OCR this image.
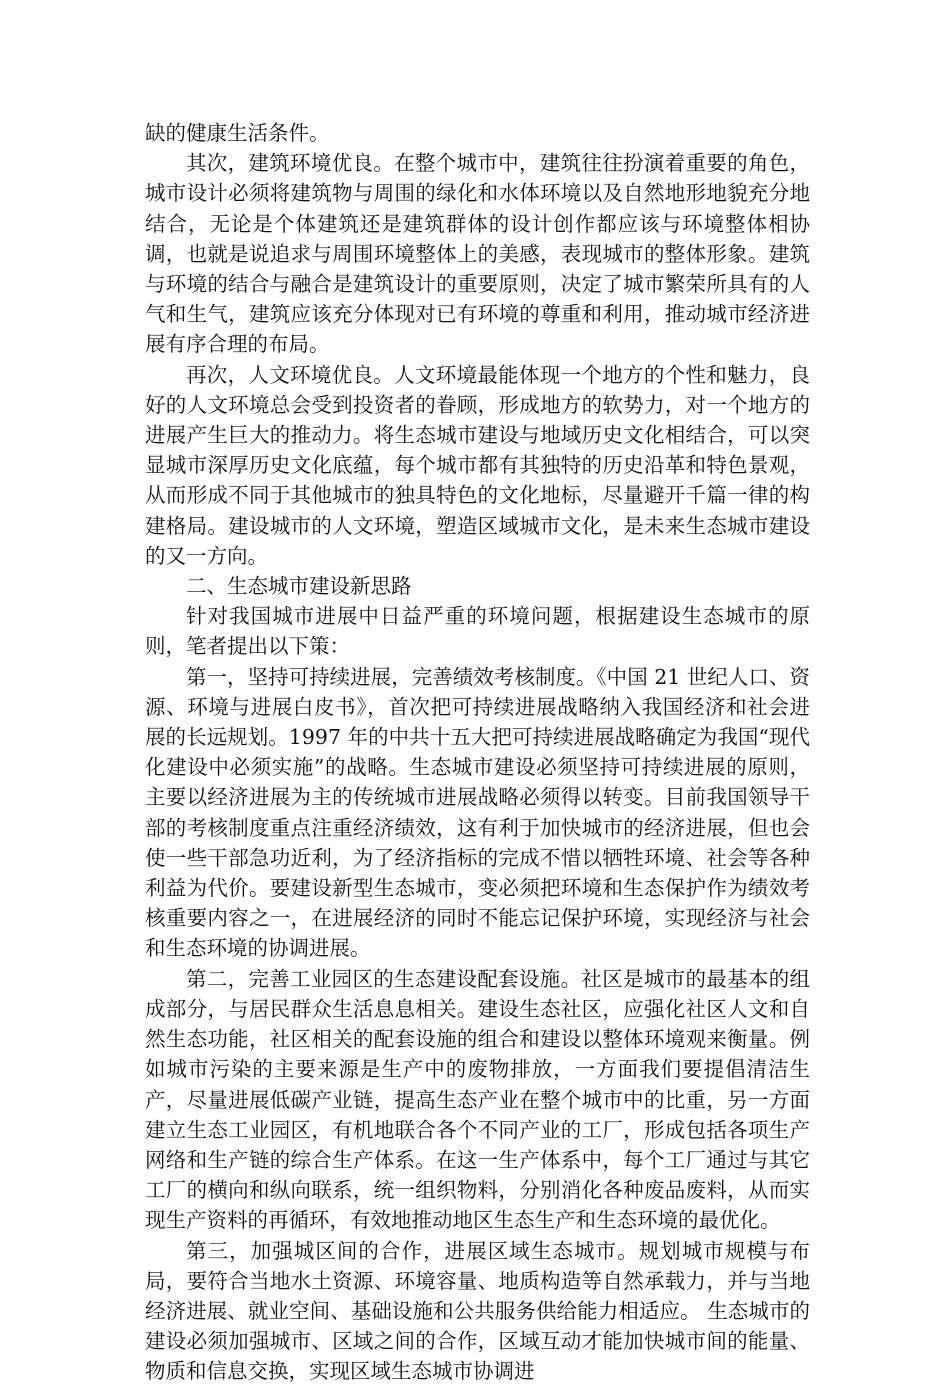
缺的健康生活条件。

其次，建筑环境优良。在整个城市中，建筑往往扮演着重要的角色，城市设计必须将建筑物与周围的绿化和水体环境以及自然地形地貌充分地结合，无论是个体建筑还是建筑群体的设计创作都应该与环境整体相协调，也就是说追求与周围环境整体上的美感，表现城市的整体形象。建筑与环境的结合与融合是建筑设计的重要原则，决定了城市繁荣所具有的人气和生气，建筑应该充分体现对已有环境的尊重和利用，推动城市经济进展有序合理的布局。

再次，人文环境优良。人文环境最能体现一个地方的个性和魅力，良好的人文环境总会受到投资者的眷顾，形成地方的软势力，对一个地方的进展产生巨大的推动力。将生态城市建设与地域历史文化相结合，可以突显城市深厚历史文化底蕴，每个城市都有其独特的历史沿革和特色景观，从而形成不同于其他城市的独具特色的文化地标，尽量避开千篇一律的构建格局。建设城市的人文环境，塑造区域城市文化，是未来生态城市建设的又一方向。

二、生态城市建设新思路

针对我国城市进展中日益严重的环境问题，根据建设生态城市的原则，笔者提出以下策：

第一，坚持可持续进展，完善绩效考核制度。《中国 21 世纪人口、资源、环境与进展白皮书》，首次把可持续进展战略纳入我国经济和社会进展的长远规划。1997 年的中共十五大把可持续进展战略确定为我国“现代化建设中必须实施”的战略。生态城市建设必须坚持可持续进展的原则，主要以经济进展为主的传统城市进展战略必须得以转变。目前我国领导干部的考核制度重点注重经济绩效，这有利于加快城市的经济进展，但也会使一些干部急功近利，为了经济指标的完成不惜以牺牲环境、社会等各种利益为代价。要建设新型生态城市，变必须把环境和生态保护作为绩效考核重要内容之一，在进展经济的同时不能忘记保护环境，实现经济与社会和生态环境的协调进展。

第二，完善工业园区的生态建设配套设施。社区是城市的最基本的组成部分，与居民群众生活息息相关。建设生态社区，应强化社区人文和自然生态功能，社区相关的配套设施的组合和建设以整体环境观来衡量。例如城市污染的主要来源是生产中的废物排放，一方面我们要提倡清洁生产，尽量进展低碳产业链，提高生态产业在整个城市中的比重，另一方面建立生态工业园区，有机地联合各个不同产业的工厂，形成包括各项生产网络和生产链的综合生产体系。在这一生产体系中，每个工厂通过与其它工厂的横向和纵向联系，统一组织物料，分别消化各种废品废料，从而实现生产资料的再循环，有效地推动地区生态生产和生态环境的最优化。

第三，加强城区间的合作，进展区域生态城市。规划城市规模与布局，要符合当地水土资源、环境容量、地质构造等自然承载力，并与当地经济进展、就业空间、基础设施和公共服务供给能力相适应。 生态城市的建设必须加强城市、区域之间的合作，区域互动才能加快城市间的能量、物质和信息交换，实现区域生态城市协调进
